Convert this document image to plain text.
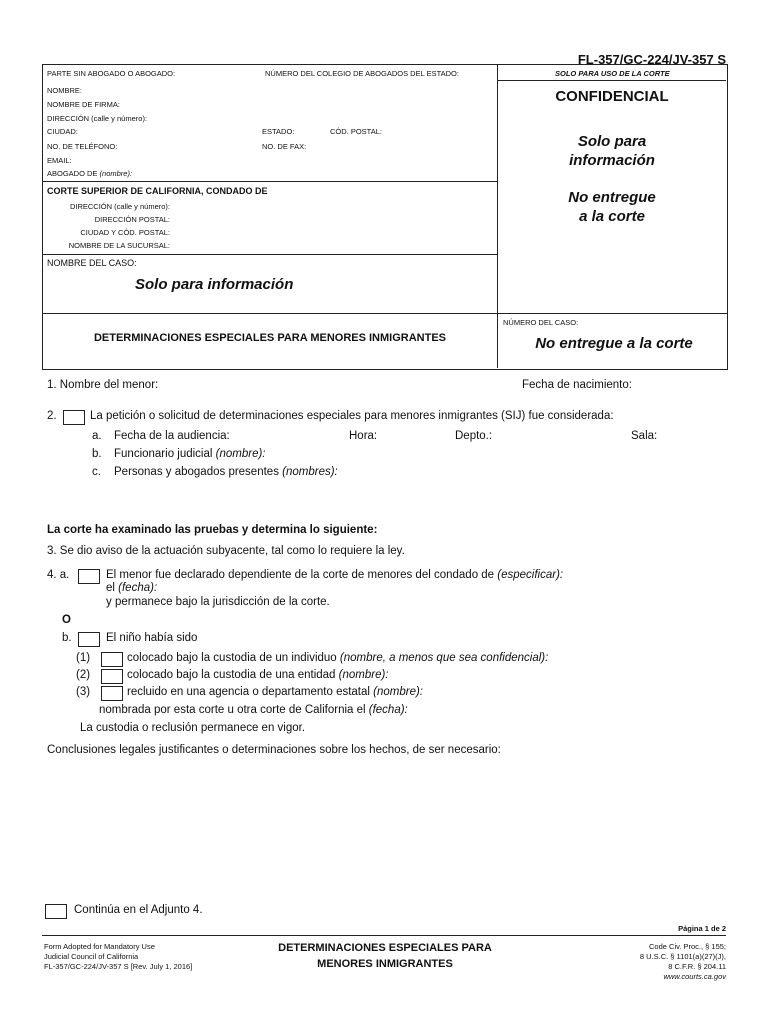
FL-357/GC-224/JV-357 S
PARTE SIN ABOGADO O ABOGADO:	NÚMERO DEL COLEGIO DE ABOGADOS DEL ESTADO:	SOLO PARA USO DE LA CORTE
NOMBRE:
NOMBRE DE FIRMA:
DIRECCIÓN (calle y número):
CIUDAD:	ESTADO:	CÓD. POSTAL:
NO. DE TELÉFONO:	NO. DE FAX:
EMAIL:
ABOGADO DE (nombre):
CONFIDENCIAL
Solo para
información
No entregue
a la corte
CORTE SUPERIOR DE CALIFORNIA, CONDADO DE
DIRECCIÓN (calle y número):
DIRECCIÓN POSTAL:
CIUDAD Y CÓD. POSTAL:
NOMBRE DE LA SUCURSAL:
NOMBRE DEL CASO:
Solo para información
NÚMERO DEL CASO:
No entregue a la corte
DETERMINACIONES ESPECIALES PARA MENORES INMIGRANTES
1. Nombre del menor:	Fecha de nacimiento:
2.	La petición o solicitud de determinaciones especiales para menores inmigrantes (SIJ) fue considerada:
a. Fecha de la audiencia:	Hora:	Depto.:	Sala:
b. Funcionario judicial (nombre):
c. Personas y abogados presentes (nombres):
La corte ha examinado las pruebas y determina lo siguiente:
3. Se dio aviso de la actuación subyacente, tal como lo requiere la ley.
4. a.	El menor fue declarado dependiente de la corte de menores del condado de (especificar):
el (fecha):
y permanece bajo la jurisdicción de la corte.
O
b.	El niño había sido
(1)	colocado bajo la custodia de un individuo (nombre, a menos que sea confidencial):
(2)	colocado bajo la custodia de una entidad (nombre):
(3)	recluido en una agencia o departamento estatal (nombre):
nombrada por esta corte u otra corte de California el (fecha):
La custodia o reclusión permanece en vigor.
Conclusiones legales justificantes o determinaciones sobre los hechos, de ser necesario:
Continúa en el Adjunto 4.
Página 1 de 2
Form Adopted for Mandatory Use
Judicial Council of California
FL-357/GC-224/JV-357 S [Rev. July 1, 2016]
DETERMINACIONES ESPECIALES PARA
MENORES INMIGRANTES
Code Civ. Proc., § 155;
8 U.S.C. § 1101(a)(27)(J),
8 C.F.R. § 204.11
www.courts.ca.gov
